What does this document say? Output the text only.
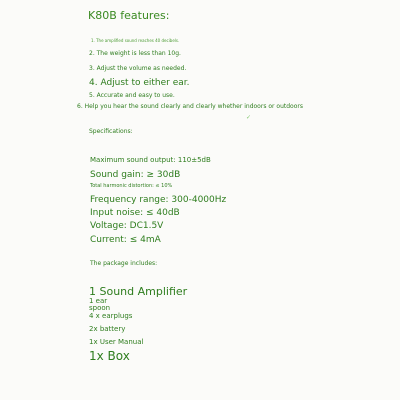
K80B features:
1. The amplified sound reaches 40 decibels.
2. The weight is less than 10g.
3. Adjust the volume as needed.
4. Adjust to either ear.
5. Accurate and easy to use.
6. Help you hear the sound clearly and clearly whether indoors or outdoors
✓
Specifications:
Maximum sound output: 110±5dB
Sound gain: ≥ 30dB
Total harmonic distortion: ≤ 10%
Frequency range: 300-4000Hz
Input noise: ≤ 40dB
Voltage: DC1.5V
Current: ≤ 4mA
The package includes:
°
1 Sound Amplifier
1 ear spoon
4 x earplugs
2x battery
1x User Manual
1x Box
